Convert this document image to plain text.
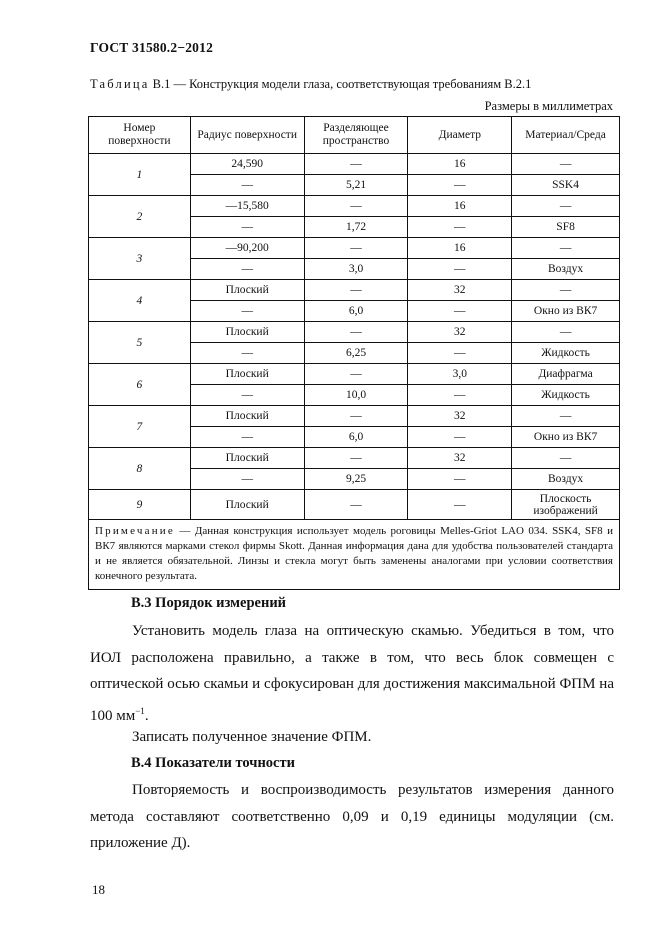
ГОСТ 31580.2−2012
Таблица В.1 — Конструкция модели глаза, соответствующая требованиям В.2.1
Размеры в миллиметрах
Номер поверхности	Радиус поверхности	Разделяющее пространство	Диаметр	Материал/Среда
1	24,590	—	16	—
	—	5,21	—	SSK4
2	—15,580	—	16	—
	—	1,72	—	SF8
3	—90,200	—	16	—
	—	3,0	—	Воздух
4	Плоский	—	32	—
	—	6,0	—	Окно из ВК7
5	Плоский	—	32	—
	—	6,25	—	Жидкость
6	Плоский	—	3,0	Диафрагма
	—	10,0	—	Жидкость
7	Плоский	—	32	—
	—	6,0	—	Окно из ВК7
8	Плоский	—	32	—
	—	9,25	—	Воздух
9	Плоский	—	—	Плоскость изображений
Примечание — Данная конструкция использует модель роговицы Melles-Griot LAO 034. SSK4, SF8 и ВК7 являются марками стекол фирмы Skott. Данная информация дана для удобства пользователей стандарта и не является обязательной. Линзы и стекла могут быть заменены аналогами при условии соответствия конечного результата.				
В.3 Порядок измерений
Установить модель глаза на оптическую скамью. Убедиться в том, что ИОЛ расположена правильно, а также в том, что весь блок совмещен с оптической осью скамьи и сфокусирован для достижения максимальной ФПМ на 100 $мм^{-1}$.
Записать полученное значение ФПМ.
В.4 Показатели точности
Повторяемость и воспроизводимость результатов измерения данного метода составляют соответственно 0,09 и 0,19 единицы модуляции (см. приложение Д).
18
